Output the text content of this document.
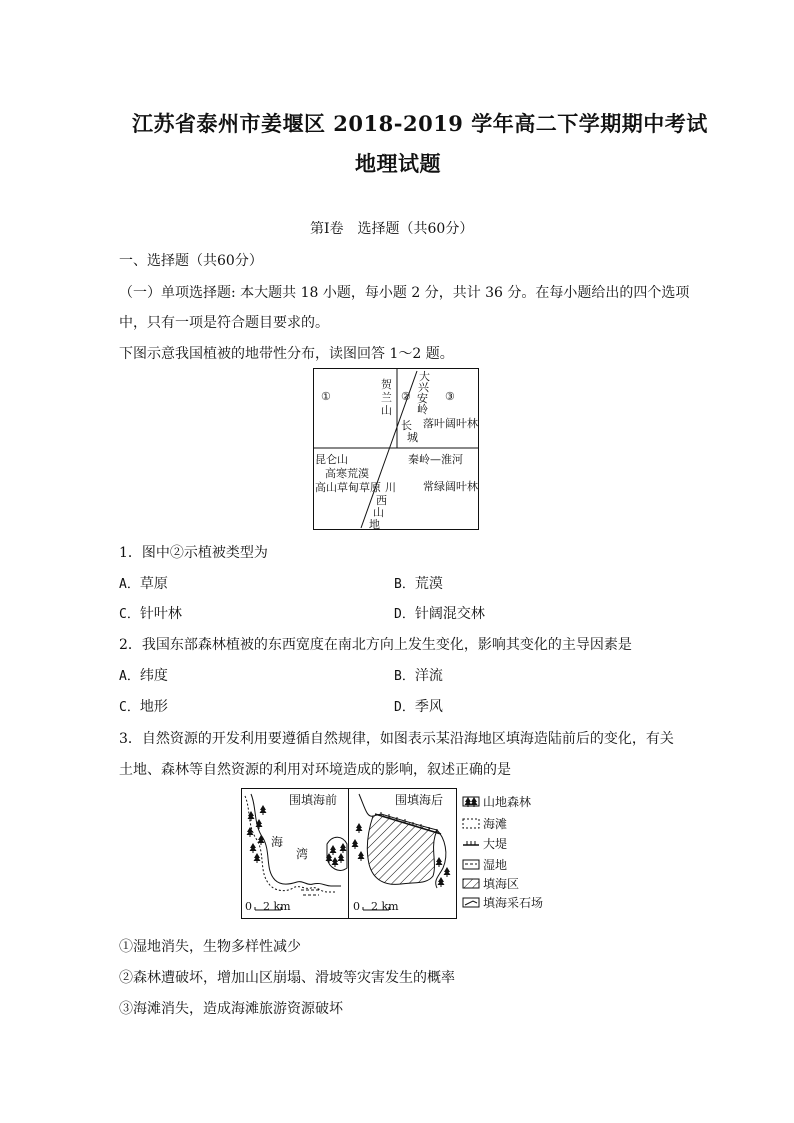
江苏省泰州市姜堰区 2018-2019 学年高二下学期期中考试
地理试题
第Ⅰ卷　选择题（共60分）
一、选择题（共60分）
（一）单项选择题: 本大题共 18 小题，每小题 2 分，共计 36 分。在每小题给出的四个选项
中，只有一项是符合题目要求的。
下图示意我国植被的地带性分布，读图回答 1～2 题。
①	②	③
贺
兰
山
大
兴
安
岭
长
城
落叶阔叶林
昆仑山
高寒荒漠
高山草甸草原 川
秦岭—淮河
常绿阔叶林
西
山
地
1．图中②示植被类型为
A．草原	B．荒漠
C．针叶林	D．针阔混交林
2．我国东部森林植被的东西宽度在南北方向上发生变化，影响其变化的主导因素是
A．纬度	B．洋流
C．地形	D．季风
3．自然资源的开发利用要遵循自然规律，如图表示某沿海地区填海造陆前后的变化，有关
土地、森林等自然资源的利用对环境造成的影响，叙述正确的是
围填海前
海
湾
围填海后
0　2 km	0　2 km
山地森林
海滩
大堤
湿地
填海区
填海采石场
①湿地消失，生物多样性减少
②森林遭破坏，增加山区崩塌、滑坡等灾害发生的概率
③海滩消失，造成海滩旅游资源破坏
